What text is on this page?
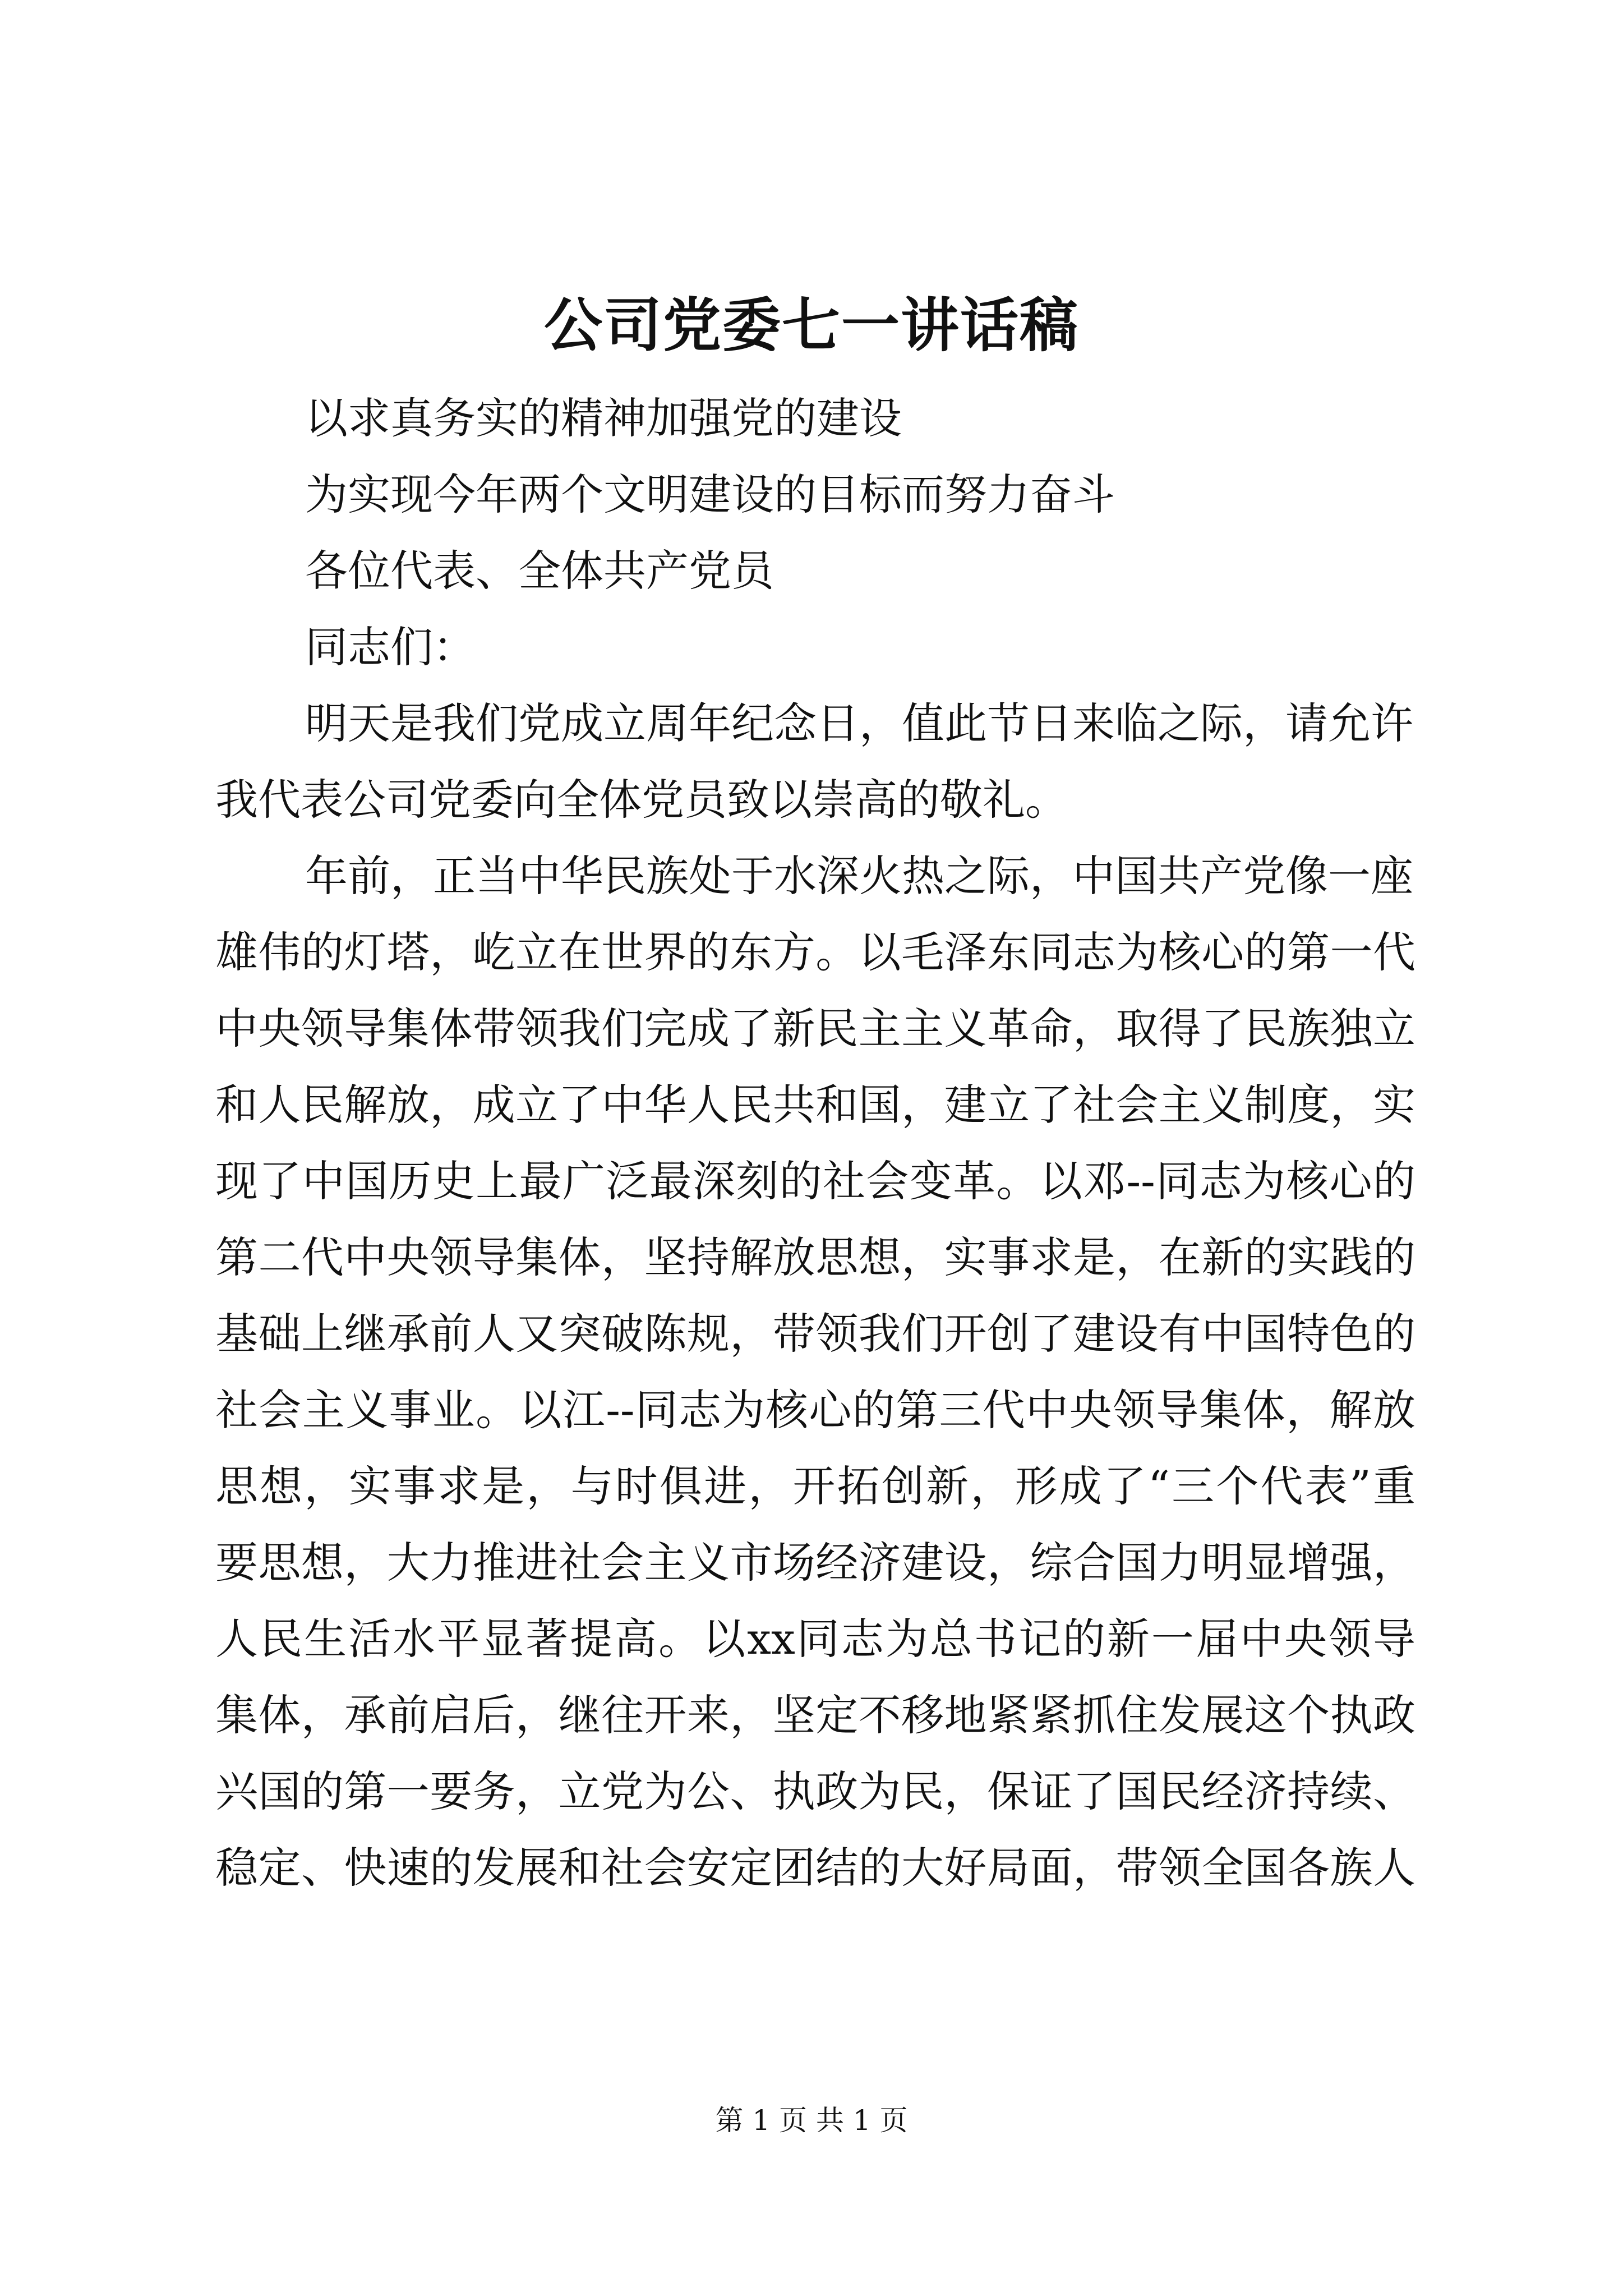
公司党委七一讲话稿
以求真务实的精神加强党的建设
为实现今年两个文明建设的目标而努力奋斗
各位代表、全体共产党员
同志们：
明天是我们党成立周年纪念日，值此节日来临之际，请允许
我代表公司党委向全体党员致以崇高的敬礼。
年前，正当中华民族处于水深火热之际，中国共产党像一座
雄伟的灯塔，屹立在世界的东方。以毛泽东同志为核心的第一代
中央领导集体带领我们完成了新民主主义革命，取得了民族独立
和人民解放，成立了中华人民共和国，建立了社会主义制度，实
现了中国历史上最广泛最深刻的社会变革。以邓--同志为核心的
第二代中央领导集体，坚持解放思想，实事求是，在新的实践的
基础上继承前人又突破陈规，带领我们开创了建设有中国特色的
社会主义事业。以江--同志为核心的第三代中央领导集体，解放
思想，实事求是，与时俱进，开拓创新，形成了“三个代表”重
要思想，大力推进社会主义市场经济建设，综合国力明显增强，
人民生活水平显著提高。以xx同志为总书记的新一届中央领导
集体，承前启后，继往开来，坚定不移地紧紧抓住发展这个执政
兴国的第一要务，立党为公、执政为民，保证了国民经济持续、
稳定、快速的发展和社会安定团结的大好局面，带领全国各族人
第 1 页 共 1 页
